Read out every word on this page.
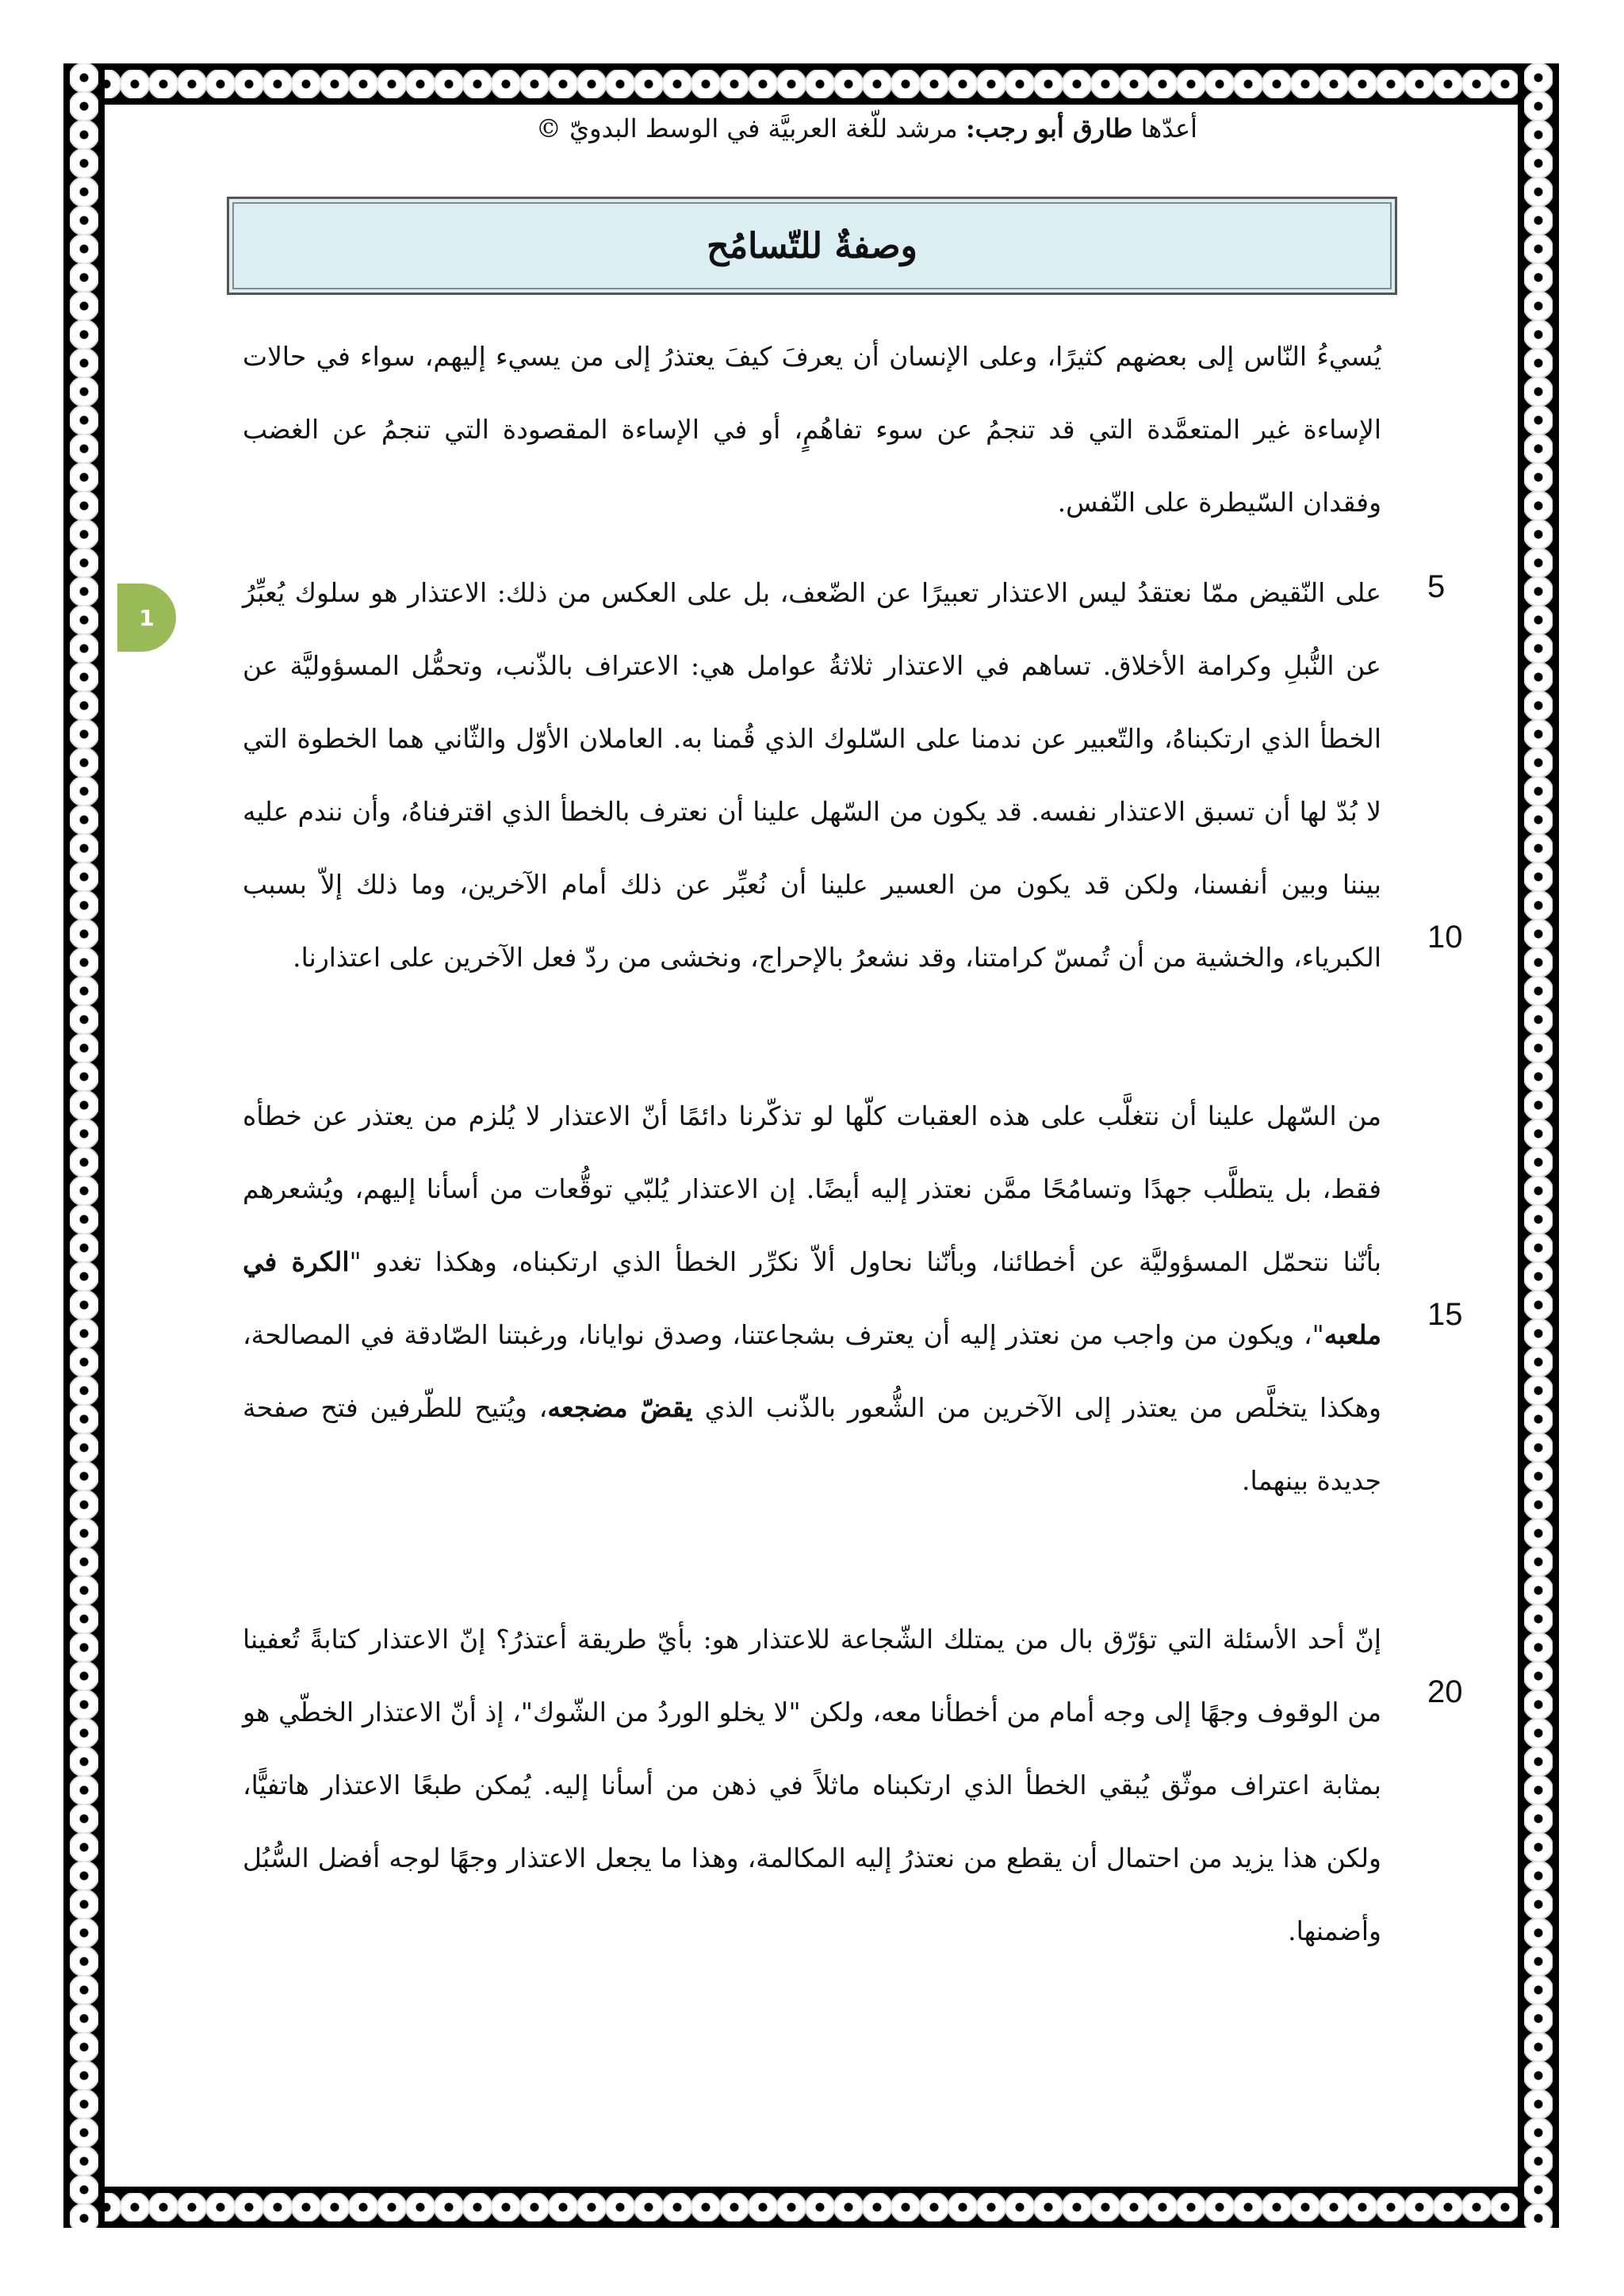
1
أعدّها طارق أبو رجب: مرشد للّغة العربيَّة في الوسط البدويّ ©
وصفةٌ للتّسامُح

يُسيءُ النّاس إلى بعضهم كثيرًا، وعلى الإنسان أن يعرفَ كيفَ يعتذرُ إلى من يسيء إليهم، سواء في حالات الإساءة غير المتعمَّدة التي قد تنجمُ عن سوء تفاهُمٍ، أو في الإساءة المقصودة التي تنجمُ عن الغضب وفقدان السّيطرة على النّفس.

على النّقيض ممّا نعتقدُ ليس الاعتذار تعبيرًا عن الضّعف، بل على العكس من ذلك: الاعتذار هو سلوك يُعبِّرُ عن النُّبلِ وكرامة الأخلاق. تساهم في الاعتذار ثلاثةُ عوامل هي: الاعتراف بالذّنب، وتحمُّل المسؤوليَّة عن الخطأ الذي ارتكبناهُ، والتّعبير عن ندمنا على السّلوك الذي قُمنا به. العاملان الأوّل والثّاني هما الخطوة التي لا بُدّ لها أن تسبق الاعتذار نفسه. قد يكون من السّهل علينا أن نعترف بالخطأ الذي اقترفناهُ، وأن نندم عليه بيننا وبين أنفسنا، ولكن قد يكون من العسير علينا أن نُعبِّر عن ذلك أمام الآخرين، وما ذلك إلاّ بسبب الكبرياء، والخشية من أن تُمسّ كرامتنا، وقد نشعرُ بالإحراج، ونخشى من ردّ فعل الآخرين على اعتذارنا.

من السّهل علينا أن نتغلَّب على هذه العقبات كلّها لو تذكّرنا دائمًا أنّ الاعتذار لا يُلزم من يعتذر عن خطأه فقط، بل يتطلَّب جهدًا وتسامُحًا ممَّن نعتذر إليه أيضًا. إن الاعتذار يُلبّي توقُّعات من أسأنا إليهم، ويُشعرهم بأنّنا نتحمّل المسؤوليَّة عن أخطائنا، وبأنّنا نحاول ألاّ نكرِّر الخطأ الذي ارتكبناه، وهكذا تغدو "الكرة في ملعبه"، ويكون من واجب من نعتذر إليه أن يعترف بشجاعتنا، وصدق نوايانا، ورغبتنا الصّادقة في المصالحة، وهكذا يتخلَّص من يعتذر إلى الآخرين من الشُّعور بالذّنب الذي يقضّ مضجعه، ويُتيح للطّرفين فتح صفحة جديدة بينهما.

إنّ أحد الأسئلة التي تؤرّق بال من يمتلك الشّجاعة للاعتذار هو: بأيّ طريقة أعتذرُ؟ إنّ الاعتذار كتابةً تُعفينا من الوقوف وجهًا إلى وجه أمام من أخطأنا معه، ولكن "لا يخلو الوردُ من الشّوك"، إذ أنّ الاعتذار الخطّي هو بمثابة اعتراف موثّق يُبقي الخطأ الذي ارتكبناه ماثلاً في ذهن من أسأنا إليه. يُمكن طبعًا الاعتذار هاتفيًّا، ولكن هذا يزيد من احتمال أن يقطع من نعتذرُ إليه المكالمة، وهذا ما يجعل الاعتذار وجهًا لوجه أفضل السُّبُل وأضمنها.

5
10
15
20
